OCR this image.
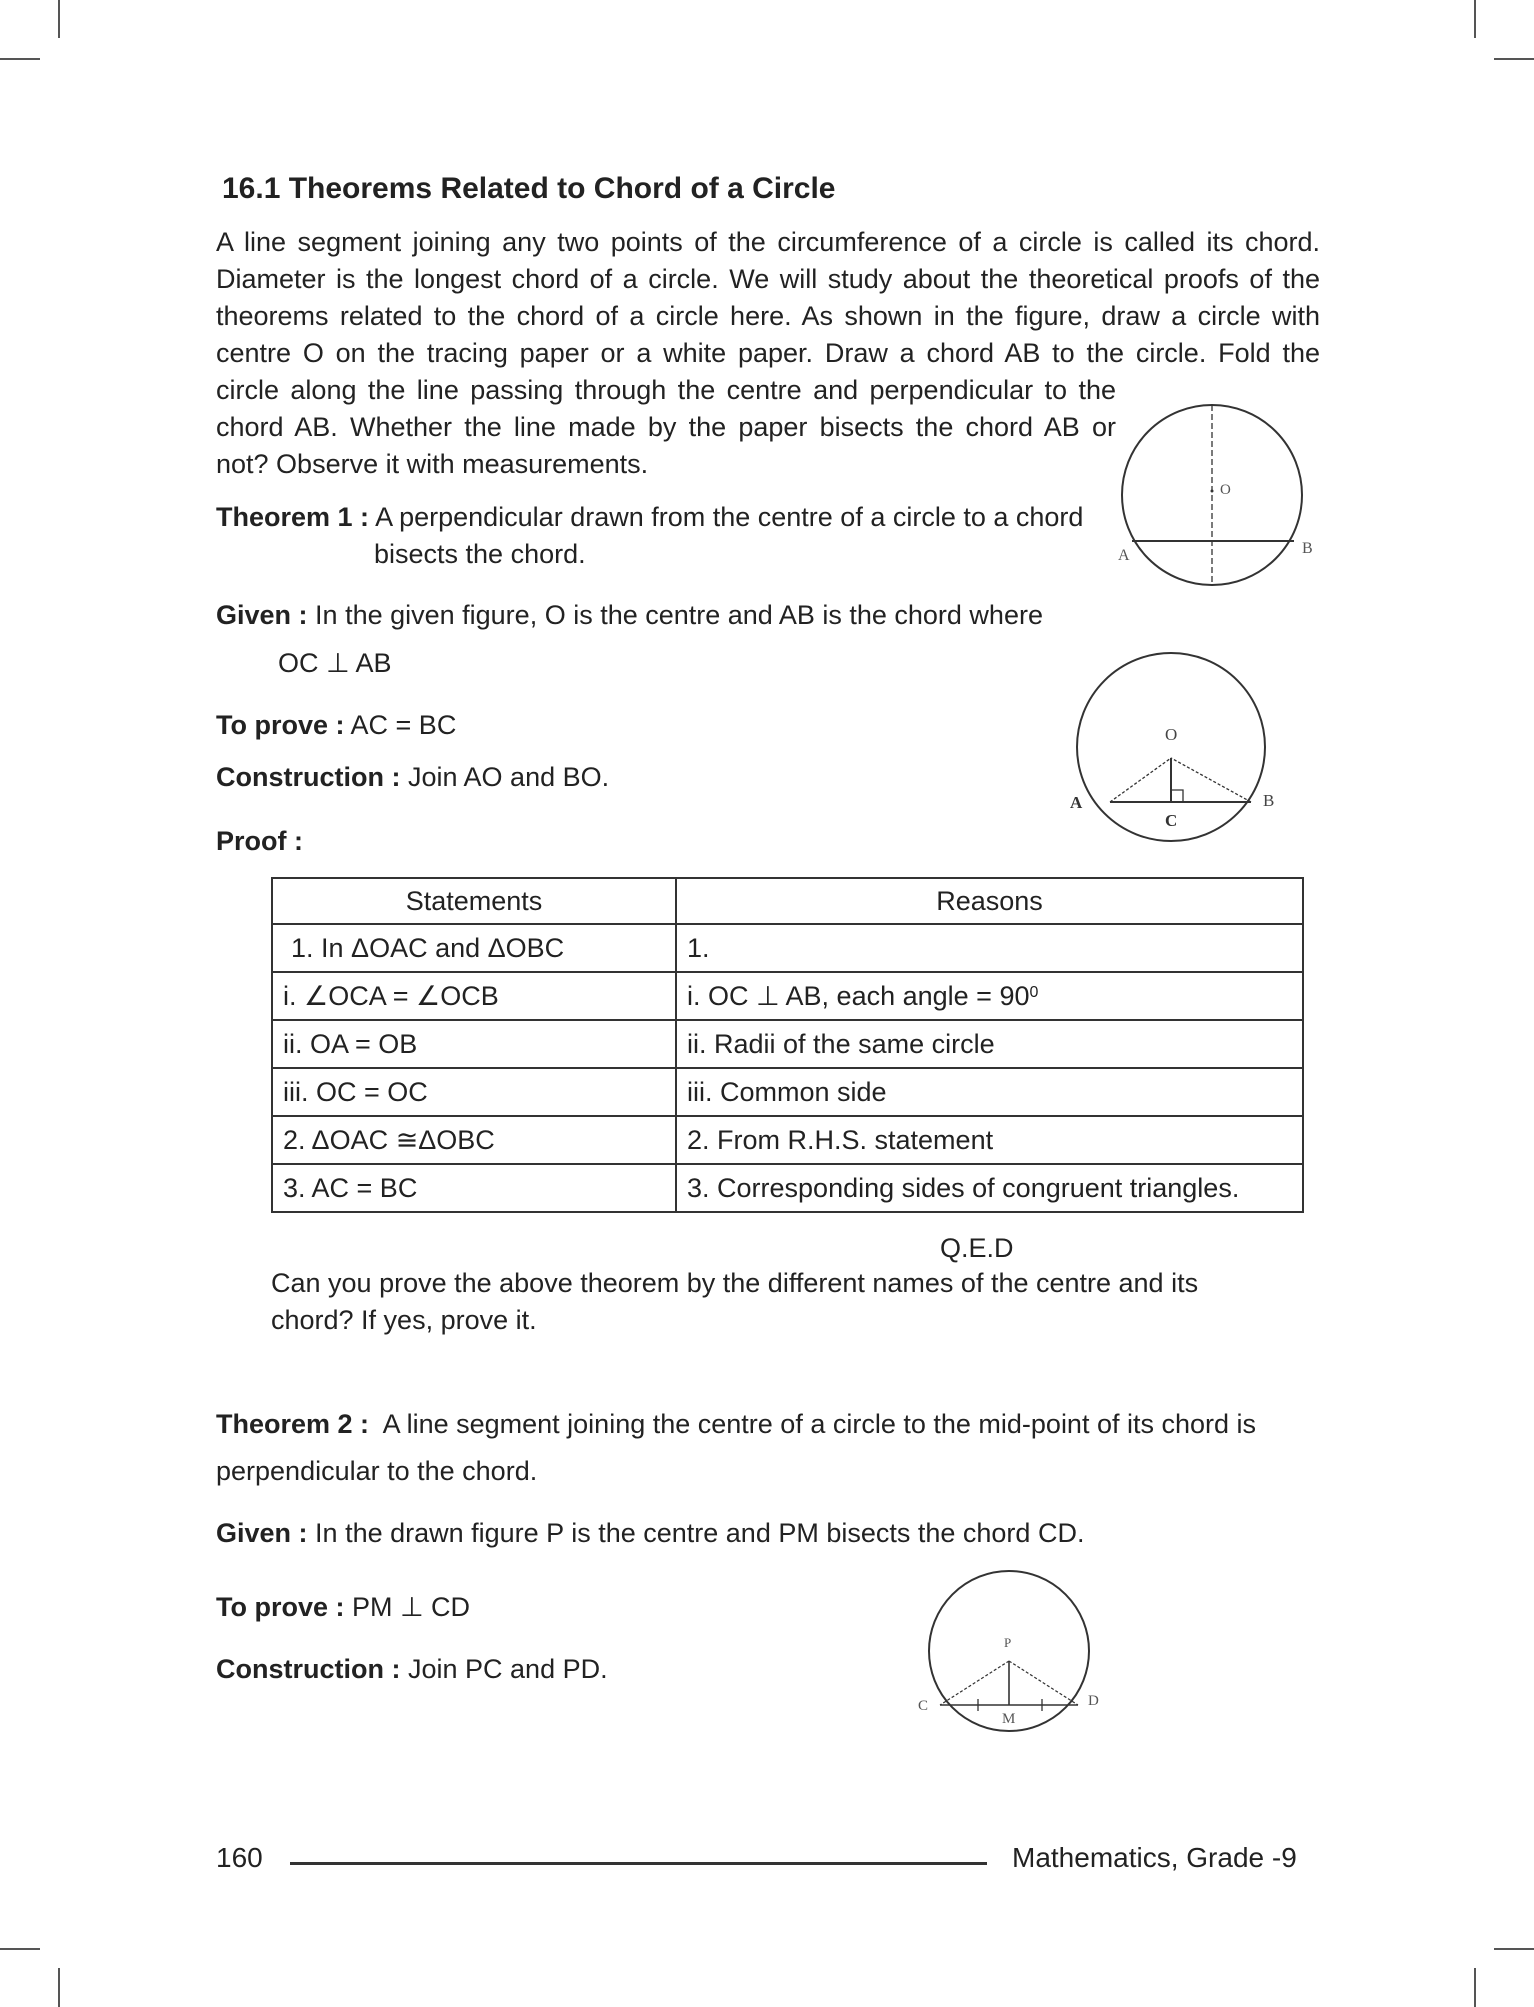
16.1 Theorems Related to Chord of a Circle

A line segment joining any two points of the circumference of a circle is called its chord.
Diameter is the longest chord of a circle. We will study about the theoretical proofs of the
theorems related to the chord of a circle here. As shown in the figure, draw a circle with
centre O on the tracing paper or a white paper. Draw a chord AB to the circle. Fold the
circle along the line passing through the centre and perpendicular to the
chord AB. Whether the line made by the paper bisects the chord AB or
not? Observe it with measurements.

Theorem 1 : A perpendicular drawn from the centre of a circle to a chord
bisects the chord.
Given : In the given figure, O is the centre and AB is the chord where
OC ⊥ AB
To prove : AC = BC
Construction : Join AO and BO.
Proof :
Statements	Reasons
1. In ΔOAC and ΔOBC	1.
i. ∠OCA = ∠OCB	i. OC ⊥ AB, each angle = $90^0$
ii. OA = OB	ii. Radii of the same circle
iii. OC = OC	iii. Common side
2. ΔOAC ≅ΔOBC	2. From R.H.S. statement
3. AC = BC	3. Corresponding sides of congruent triangles.
Q.E.D
Can you prove the above theorem by the different names of the centre and its
chord? If yes, prove it.
Theorem 2 : A line segment joining the centre of a circle to the mid-point of its chord is
perpendicular to the chord.
Given : In the drawn figure P is the centre and PM bisects the chord CD.
To prove : PM ⊥ CD
Construction : Join PC and PD.
O
A	B
O
A	B
C
P
C
M
D
160	Mathematics, Grade -9
